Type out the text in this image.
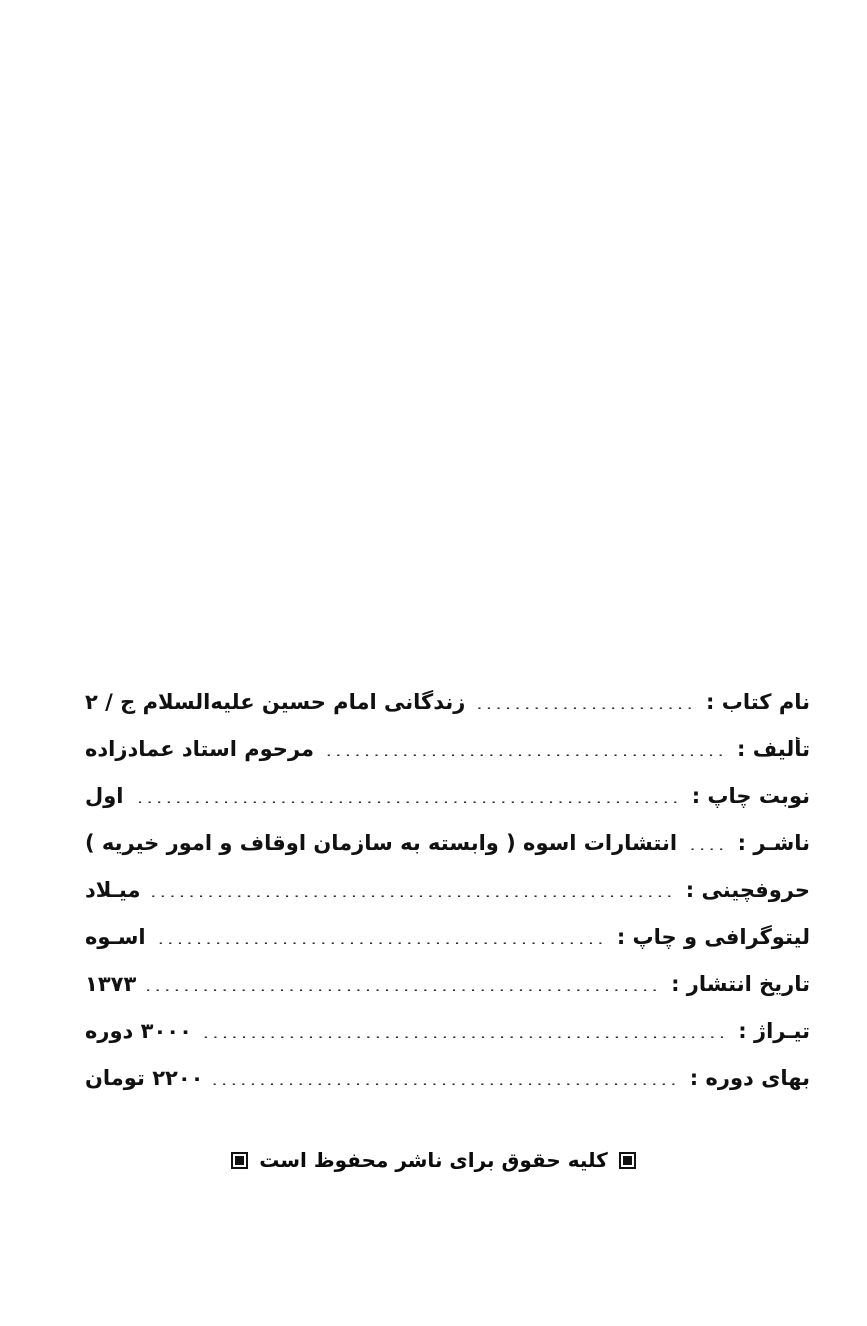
نام کتاب :
.....
زندگانی امام حسین علیه‌السلام ج / ۲
تألیف :
.....
مرحوم استاد عمادزاده
نوبت چاپ :
.....
اول
ناشـر :
.....
انتشارات اسوه ( وابسته به سازمان اوقاف و امور خیریه )
حروفچینی :
.....
میـلاد
لیتوگرافی و چاپ :
.....
اسـوه
تاریخ انتشار :
.....
۱۳۷۳
تیـراژ :
.....
۳۰۰۰ دوره
بهای دوره :
.....
۲۲۰۰ تومان
کلیه حقوق برای ناشر محفوظ است
